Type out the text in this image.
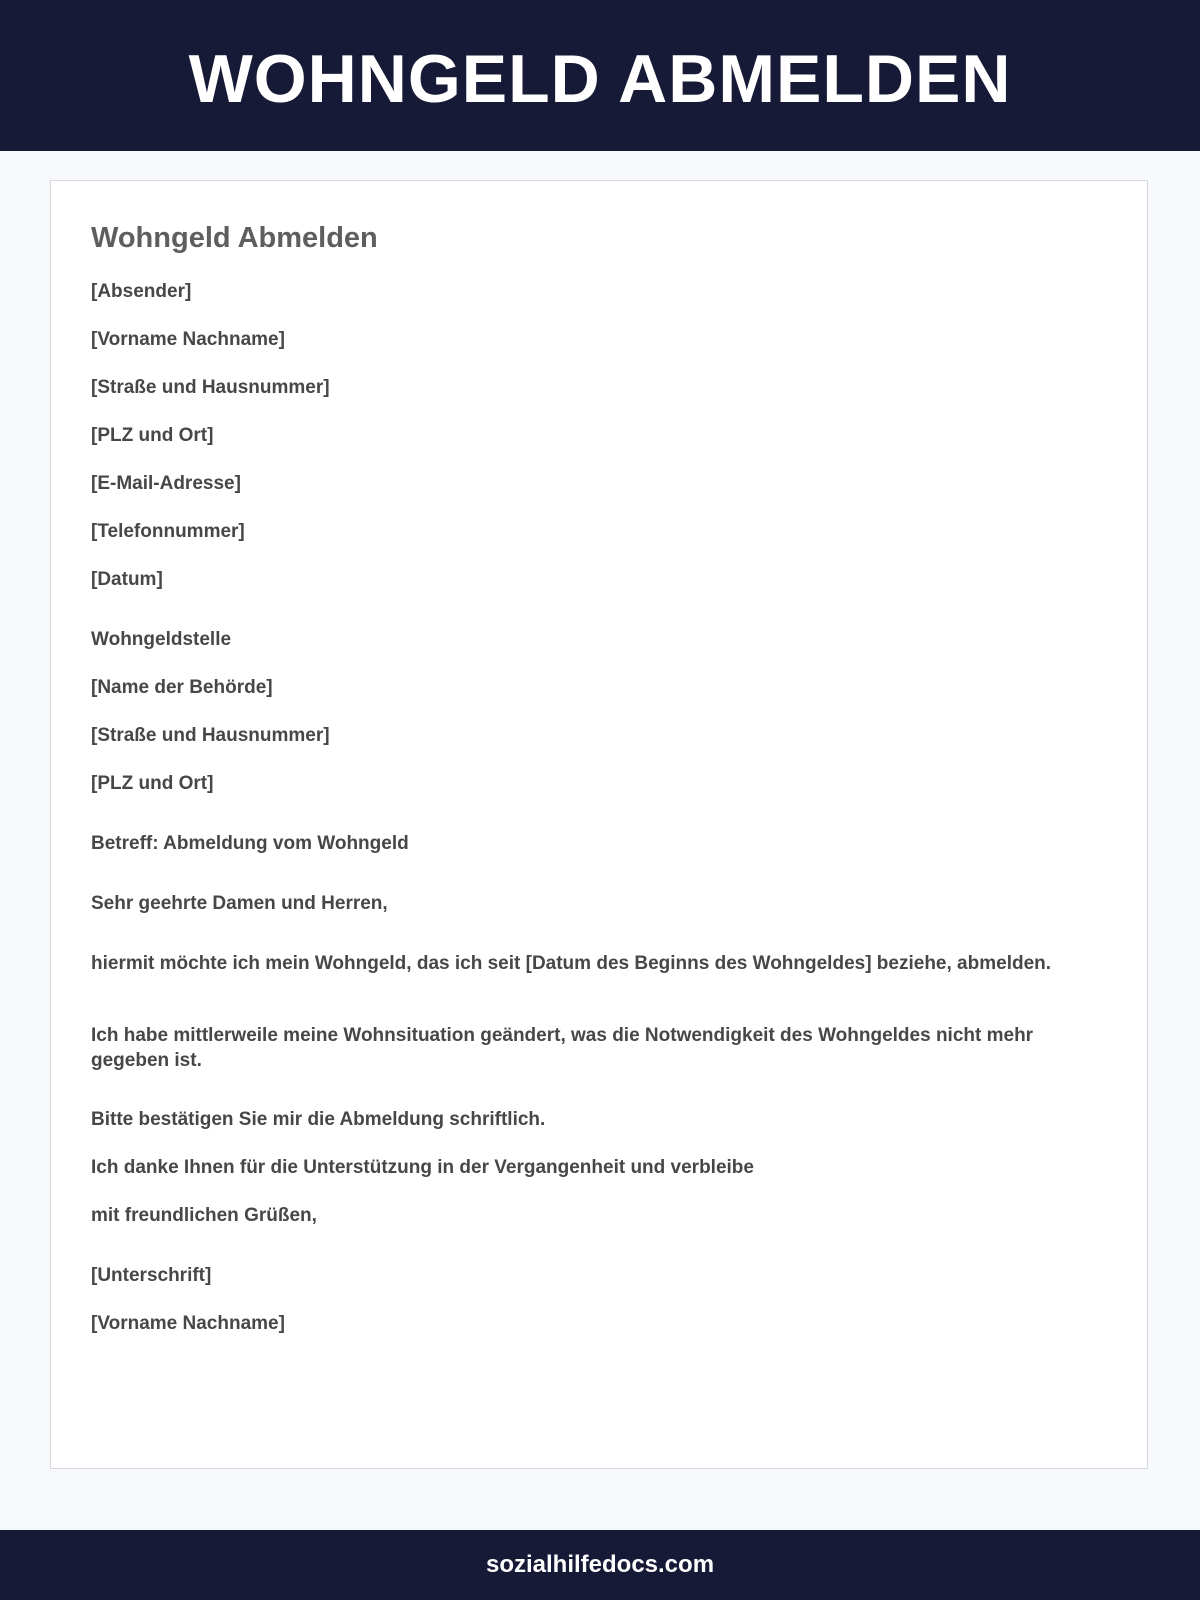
WOHNGELD ABMELDEN
Wohngeld Abmelden

[Absender]

[Vorname Nachname]

[Straße und Hausnummer]

[PLZ und Ort]

[E-Mail-Adresse]

[Telefonnummer]

[Datum]

Wohngeldstelle

[Name der Behörde]

[Straße und Hausnummer]

[PLZ und Ort]

Betreff: Abmeldung vom Wohngeld

Sehr geehrte Damen und Herren,

hiermit möchte ich mein Wohngeld, das ich seit [Datum des Beginns des Wohngeldes] beziehe, abmelden.

Ich habe mittlerweile meine Wohnsituation geändert, was die Notwendigkeit des Wohngeldes nicht mehr gegeben ist.

Bitte bestätigen Sie mir die Abmeldung schriftlich.

Ich danke Ihnen für die Unterstützung in der Vergangenheit und verbleibe

mit freundlichen Grüßen,

[Unterschrift]

[Vorname Nachname]

sozialhilfedocs.com
